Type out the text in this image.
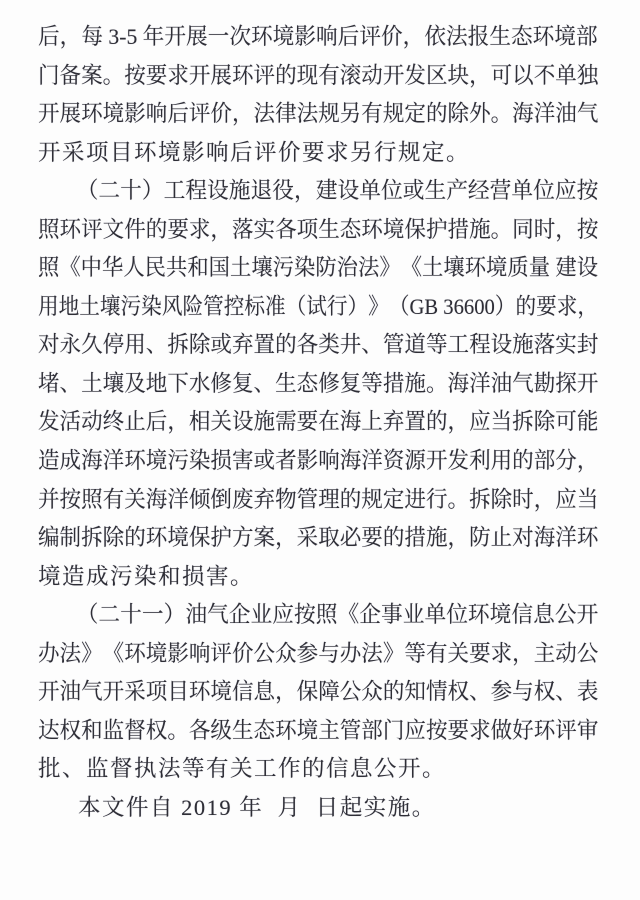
后 ， 每 3-5 年 开 展 一 次 环 境 影 响 后 评 价 ， 依 法 报 生 态 环 境 部
门 备 案 。 按 要 求 开 展 环 评 的 现 有 滚 动 开 发 区 块 ， 可 以 不 单 独
开 展 环 境 影 响 后 评 价 ， 法 律 法 规 另 有 规 定 的 除 外 。 海 洋 油 气
开采项目环境影响后评价要求另行规定。
（ 二 十 ） 工 程 设 施 退 役 ， 建 设 单 位 或 生 产 经 营 单 位 应 按
照 环 评 文 件 的 要 求 ， 落 实 各 项 生 态 环 境 保 护 措 施 。 同 时 ， 按
照 《 中 华 人 民 共 和 国 土 壤 污 染 防 治 法 》 《 土 壤 环 境 质 量
建 设
用 地 土 壤 污 染 风 险 管 控 标 准 （ 试 行 ） 》 （ GB 36600 ） 的 要 求 ，
对 永 久 停 用 、 拆 除 或 弃 置 的 各 类 井 、 管 道 等 工 程 设 施 落 实 封
堵 、 土 壤 及 地 下 水 修 复 、 生 态 修 复 等 措 施 。 海 洋 油 气 勘 探 开
发 活 动 终 止 后 ， 相 关 设 施 需 要 在 海 上 弃 置 的 ， 应 当 拆 除 可 能
造 成 海 洋 环 境 污 染 损 害 或 者 影 响 海 洋 资 源 开 发 利 用 的 部 分 ，
并 按 照 有 关 海 洋 倾 倒 废 弃 物 管 理 的 规 定 进 行 。 拆 除 时 ， 应 当
编 制 拆 除 的 环 境 保 护 方 案 ， 采 取 必 要 的 措 施 ， 防 止 对 海 洋 环
境造成污染和损害。
（ 二 十 一 ） 油 气 企 业 应 按 照 《 企 事 业 单 位 环 境 信 息 公 开
办 法 》 《 环 境 影 响 评 价 公 众 参 与 办 法 》 等 有 关 要 求 ， 主 动 公
开 油 气 开 采 项 目 环 境 信 息 ， 保 障 公 众 的 知 情 权 、 参 与 权 、 表
达 权 和 监 督 权 。 各 级 生 态 环 境 主 管 部 门 应 按 要 求 做 好 环 评 审
批、监督执法等有关工作的信息公开。
本文件自 2019 年  月  日起实施。
